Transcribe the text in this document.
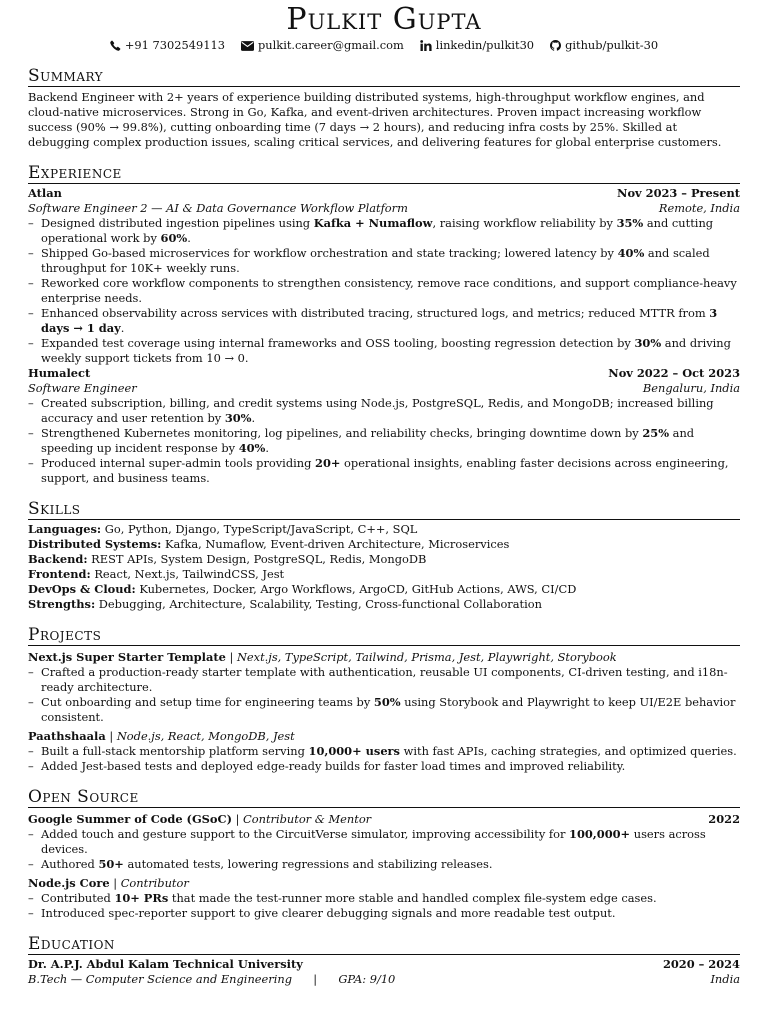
Pulkit Gupta
+91 7302549113	pulkit.career@gmail.com	linkedin/pulkit30	github/pulkit-30
Summary
Backend Engineer with 2+ years of experience building distributed systems, high-throughput workflow engines, and cloud-native microservices. Strong in Go, Kafka, and event-driven architectures. Proven impact increasing workflow success (90% → 99.8%), cutting onboarding time (7 days → 2 hours), and reducing infra costs by 25%. Skilled at debugging complex production issues, scaling critical services, and delivering features for global enterprise customers.
Experience
Atlan	Nov 2023 – Present
Software Engineer 2 — AI & Data Governance Workflow Platform	Remote, India
– Designed distributed ingestion pipelines using Kafka + Numaflow, raising workflow reliability by 35% and cutting operational work by 60%.
– Shipped Go-based microservices for workflow orchestration and state tracking; lowered latency by 40% and scaled throughput for 10K+ weekly runs.
– Reworked core workflow components to strengthen consistency, remove race conditions, and support compliance-heavy enterprise needs.
– Enhanced observability across services with distributed tracing, structured logs, and metrics; reduced MTTR from 3 days → 1 day.
– Expanded test coverage using internal frameworks and OSS tooling, boosting regression detection by 30% and driving weekly support tickets from 10 → 0.
Humalect	Nov 2022 – Oct 2023
Software Engineer	Bengaluru, India
– Created subscription, billing, and credit systems using Node.js, PostgreSQL, Redis, and MongoDB; increased billing accuracy and user retention by 30%.
– Strengthened Kubernetes monitoring, log pipelines, and reliability checks, bringing downtime down by 25% and speeding up incident response by 40%.
– Produced internal super-admin tools providing 20+ operational insights, enabling faster decisions across engineering, support, and business teams.
Skills
Languages: Go, Python, Django, TypeScript/JavaScript, C++, SQL
Distributed Systems: Kafka, Numaflow, Event-driven Architecture, Microservices
Backend: REST APIs, System Design, PostgreSQL, Redis, MongoDB
Frontend: React, Next.js, TailwindCSS, Jest
DevOps & Cloud: Kubernetes, Docker, Argo Workflows, ArgoCD, GitHub Actions, AWS, CI/CD
Strengths: Debugging, Architecture, Scalability, Testing, Cross-functional Collaboration
Projects
Next.js Super Starter Template | Next.js, TypeScript, Tailwind, Prisma, Jest, Playwright, Storybook
– Crafted a production-ready starter template with authentication, reusable UI components, CI-driven testing, and i18n-ready architecture.
– Cut onboarding and setup time for engineering teams by 50% using Storybook and Playwright to keep UI/E2E behavior consistent.
Paathshaala | Node.js, React, MongoDB, Jest
– Built a full-stack mentorship platform serving 10,000+ users with fast APIs, caching strategies, and optimized queries.
– Added Jest-based tests and deployed edge-ready builds for faster load times and improved reliability.
Open Source
Google Summer of Code (GSoC) | Contributor & Mentor	2022
– Added touch and gesture support to the CircuitVerse simulator, improving accessibility for 100,000+ users across devices.
– Authored 50+ automated tests, lowering regressions and stabilizing releases.
Node.js Core | Contributor
– Contributed 10+ PRs that made the test-runner more stable and handled complex file-system edge cases.
– Introduced spec-reporter support to give clearer debugging signals and more readable test output.
Education
Dr. A.P.J. Abdul Kalam Technical University	2020 – 2024
B.Tech — Computer Science and Engineering | GPA: 9/10	India
